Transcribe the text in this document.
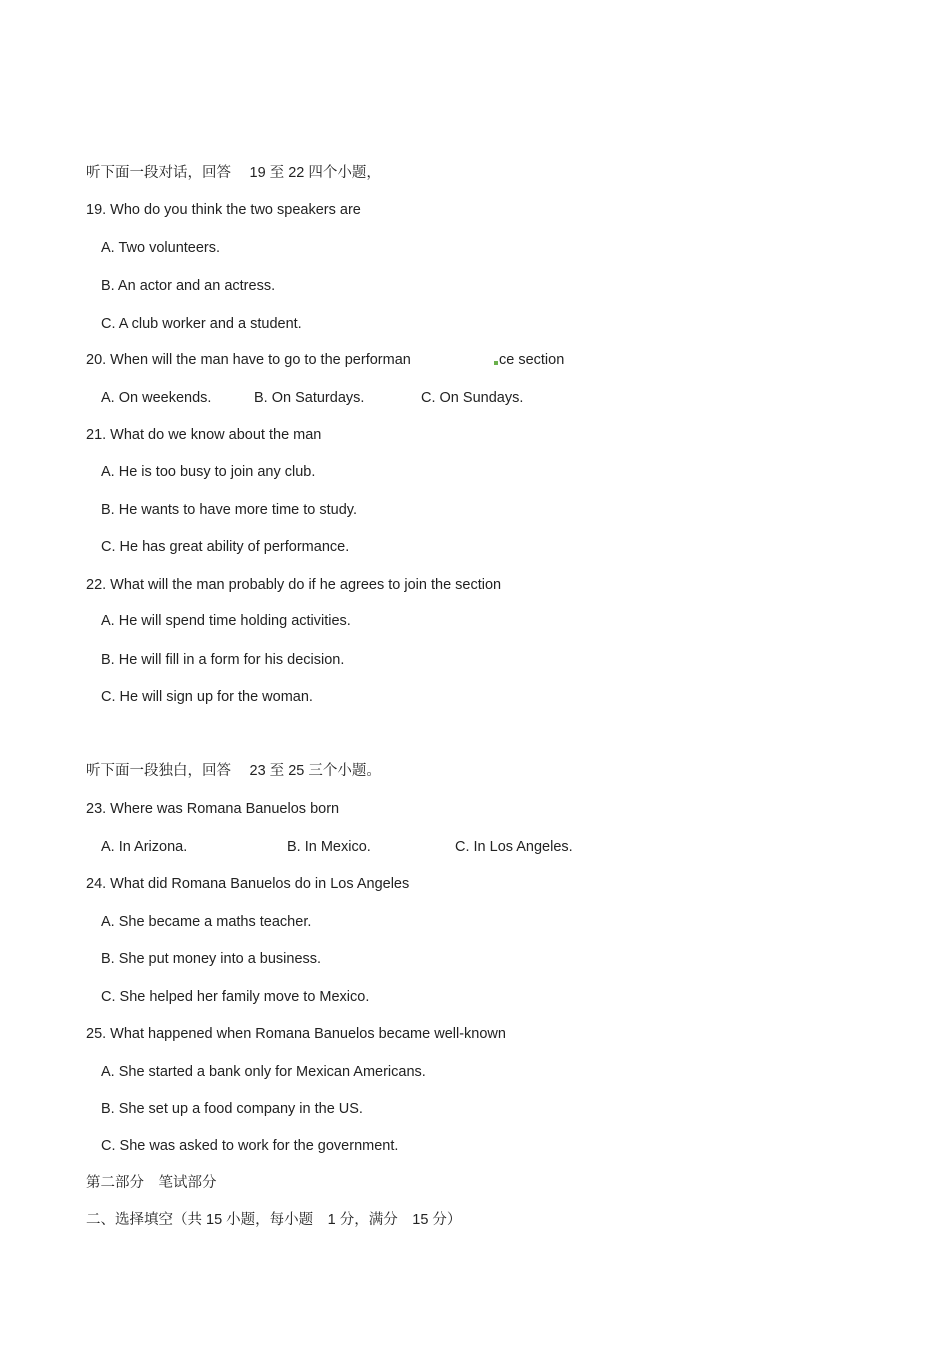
听下面一段对话，回答　 19 至 22 四个小题，
19. Who do you think the two speakers are
A. Two volunteers.
B. An actor and an actress.
C. A club worker and a student.
20. When will the man have to go to the performan	ce section
A. On weekends.	B. On Saturdays.	C. On Sundays.
21. What do we know about the man
A. He is too busy to join any club.
B. He wants to have more time to study.
C. He has great ability of performance.
22. What will the man probably do if he agrees to join the section
A. He will spend time holding activities.
B. He will fill in a form for his decision.
C. He will sign up for the woman.
听下面一段独白，回答　 23 至 25 三个小题。
23. Where was Romana Banuelos born
A. In Arizona.	B. In Mexico.	C. In Los Angeles.
24. What did Romana Banuelos do in Los Angeles
A. She became a maths teacher.
B. She put money into a business.
C. She helped her family move to Mexico.
25. What happened when Romana Banuelos became well-known
A. She started a bank only for Mexican Americans.
B. She set up a food company in the US.
C. She was asked to work for the government.
第二部分　笔试部分
二、选择填空（共 15 小题，每小题　1 分，满分　15 分）
